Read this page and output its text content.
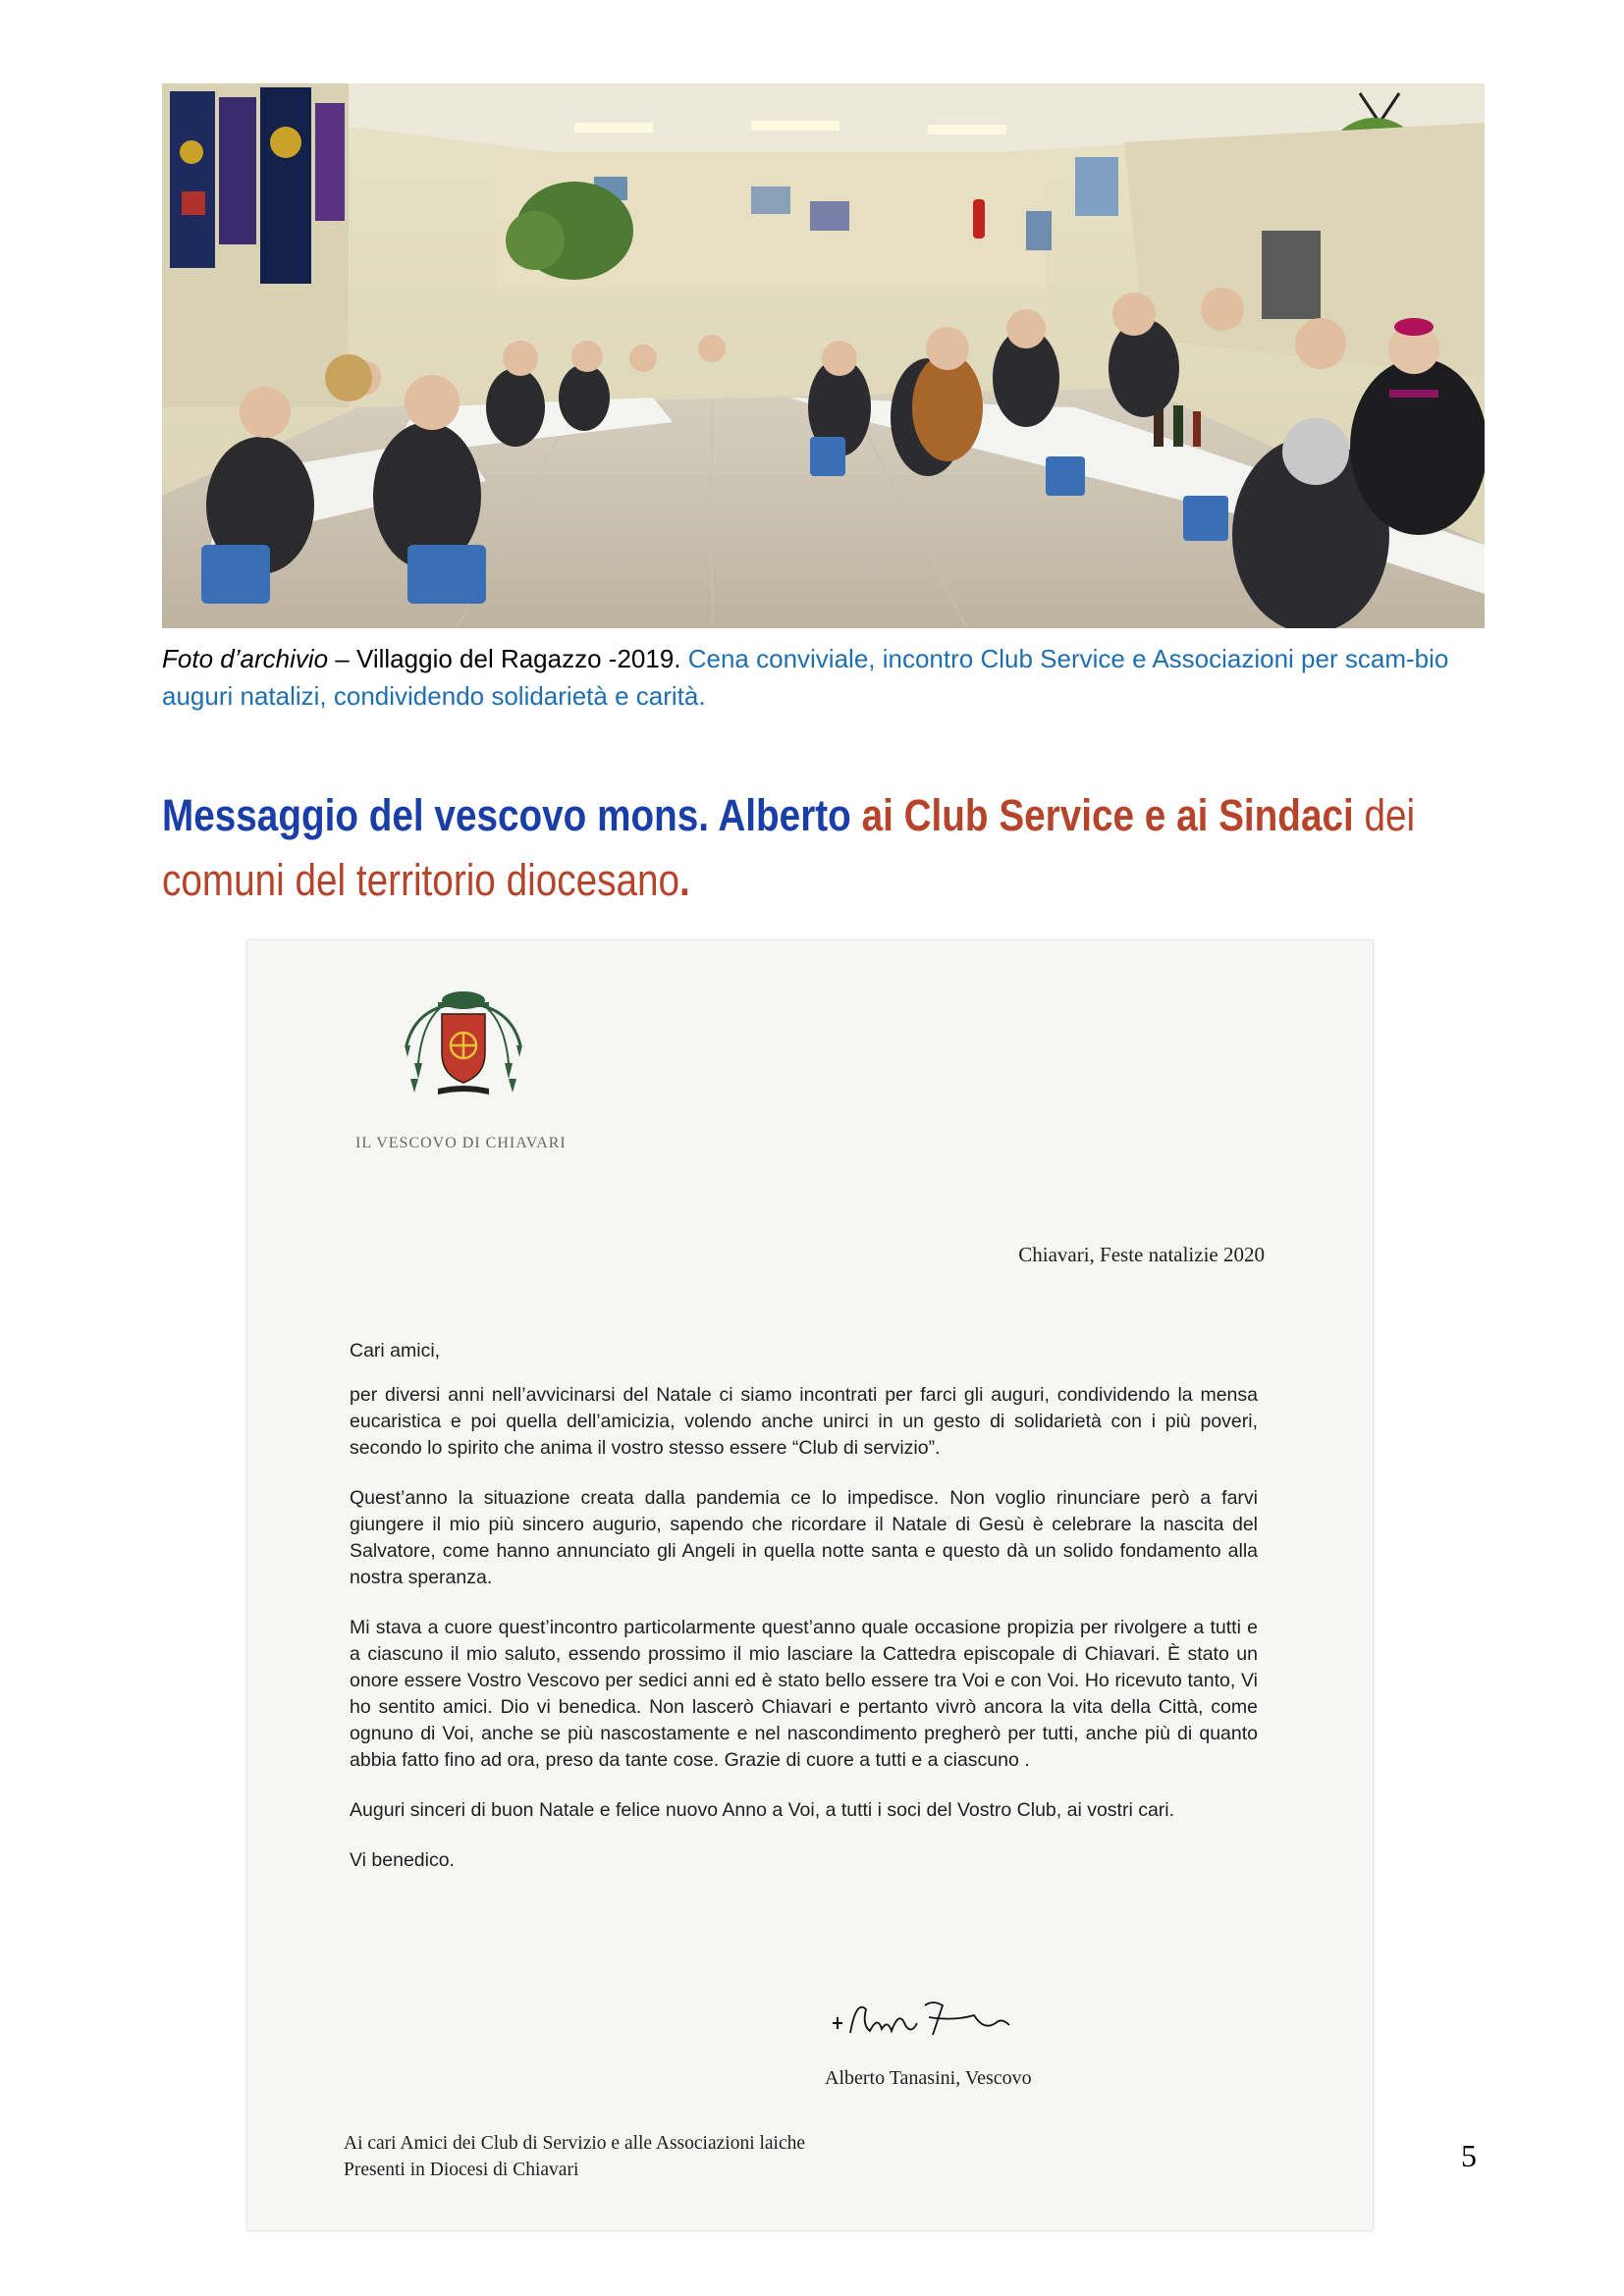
Foto d’archivio – Villaggio del Ragazzo -2019. Cena conviviale, incontro Club Service e Associazioni per scam-bio auguri natalizi, condividendo solidarietà e carità.
Messaggio del vescovo mons. Alberto ai Club Service e ai Sindaci dei
comuni del territorio diocesano.
IL VESCOVO DI CHIAVARI
Chiavari, Feste natalizie 2020

Cari amici,

per diversi anni nell’avvicinarsi del Natale ci siamo incontrati per farci gli auguri, condividendo la mensa eucaristica e poi quella dell’amicizia, volendo anche unirci in un gesto di solidarietà con i più poveri, secondo lo spirito che anima il vostro stesso essere “Club di servizio”.

Quest’anno la situazione creata dalla pandemia ce lo impedisce. Non voglio rinunciare però a farvi giungere il mio più sincero augurio, sapendo che ricordare il Natale di Gesù è celebrare la nascita del Salvatore, come hanno annunciato gli Angeli in quella notte santa e questo dà un solido fondamento alla nostra speranza.

Mi stava a cuore quest’incontro particolarmente quest’anno quale occasione propizia per rivolgere a tutti e a ciascuno il mio saluto, essendo prossimo il mio lasciare la Cattedra episcopale di Chiavari. È stato un onore essere Vostro Vescovo per sedici anni ed è stato bello essere tra Voi e con Voi. Ho ricevuto tanto, Vi ho sentito amici. Dio vi benedica. Non lascerò Chiavari e pertanto vivrò ancora la vita della Città, come ognuno di Voi, anche se più nascostamente e nel nascondimento pregherò per tutti, anche più di quanto abbia fatto fino ad ora, preso da tante cose. Grazie di cuore a tutti e a ciascuno .

Auguri sinceri di buon Natale e felice nuovo Anno a Voi, a tutti i soci del Vostro Club, ai vostri cari.

Vi benedico.

Alberto Tanasini, Vescovo
Ai cari Amici dei Club di Servizio e alle Associazioni laiche
Presenti in Diocesi di Chiavari	5
